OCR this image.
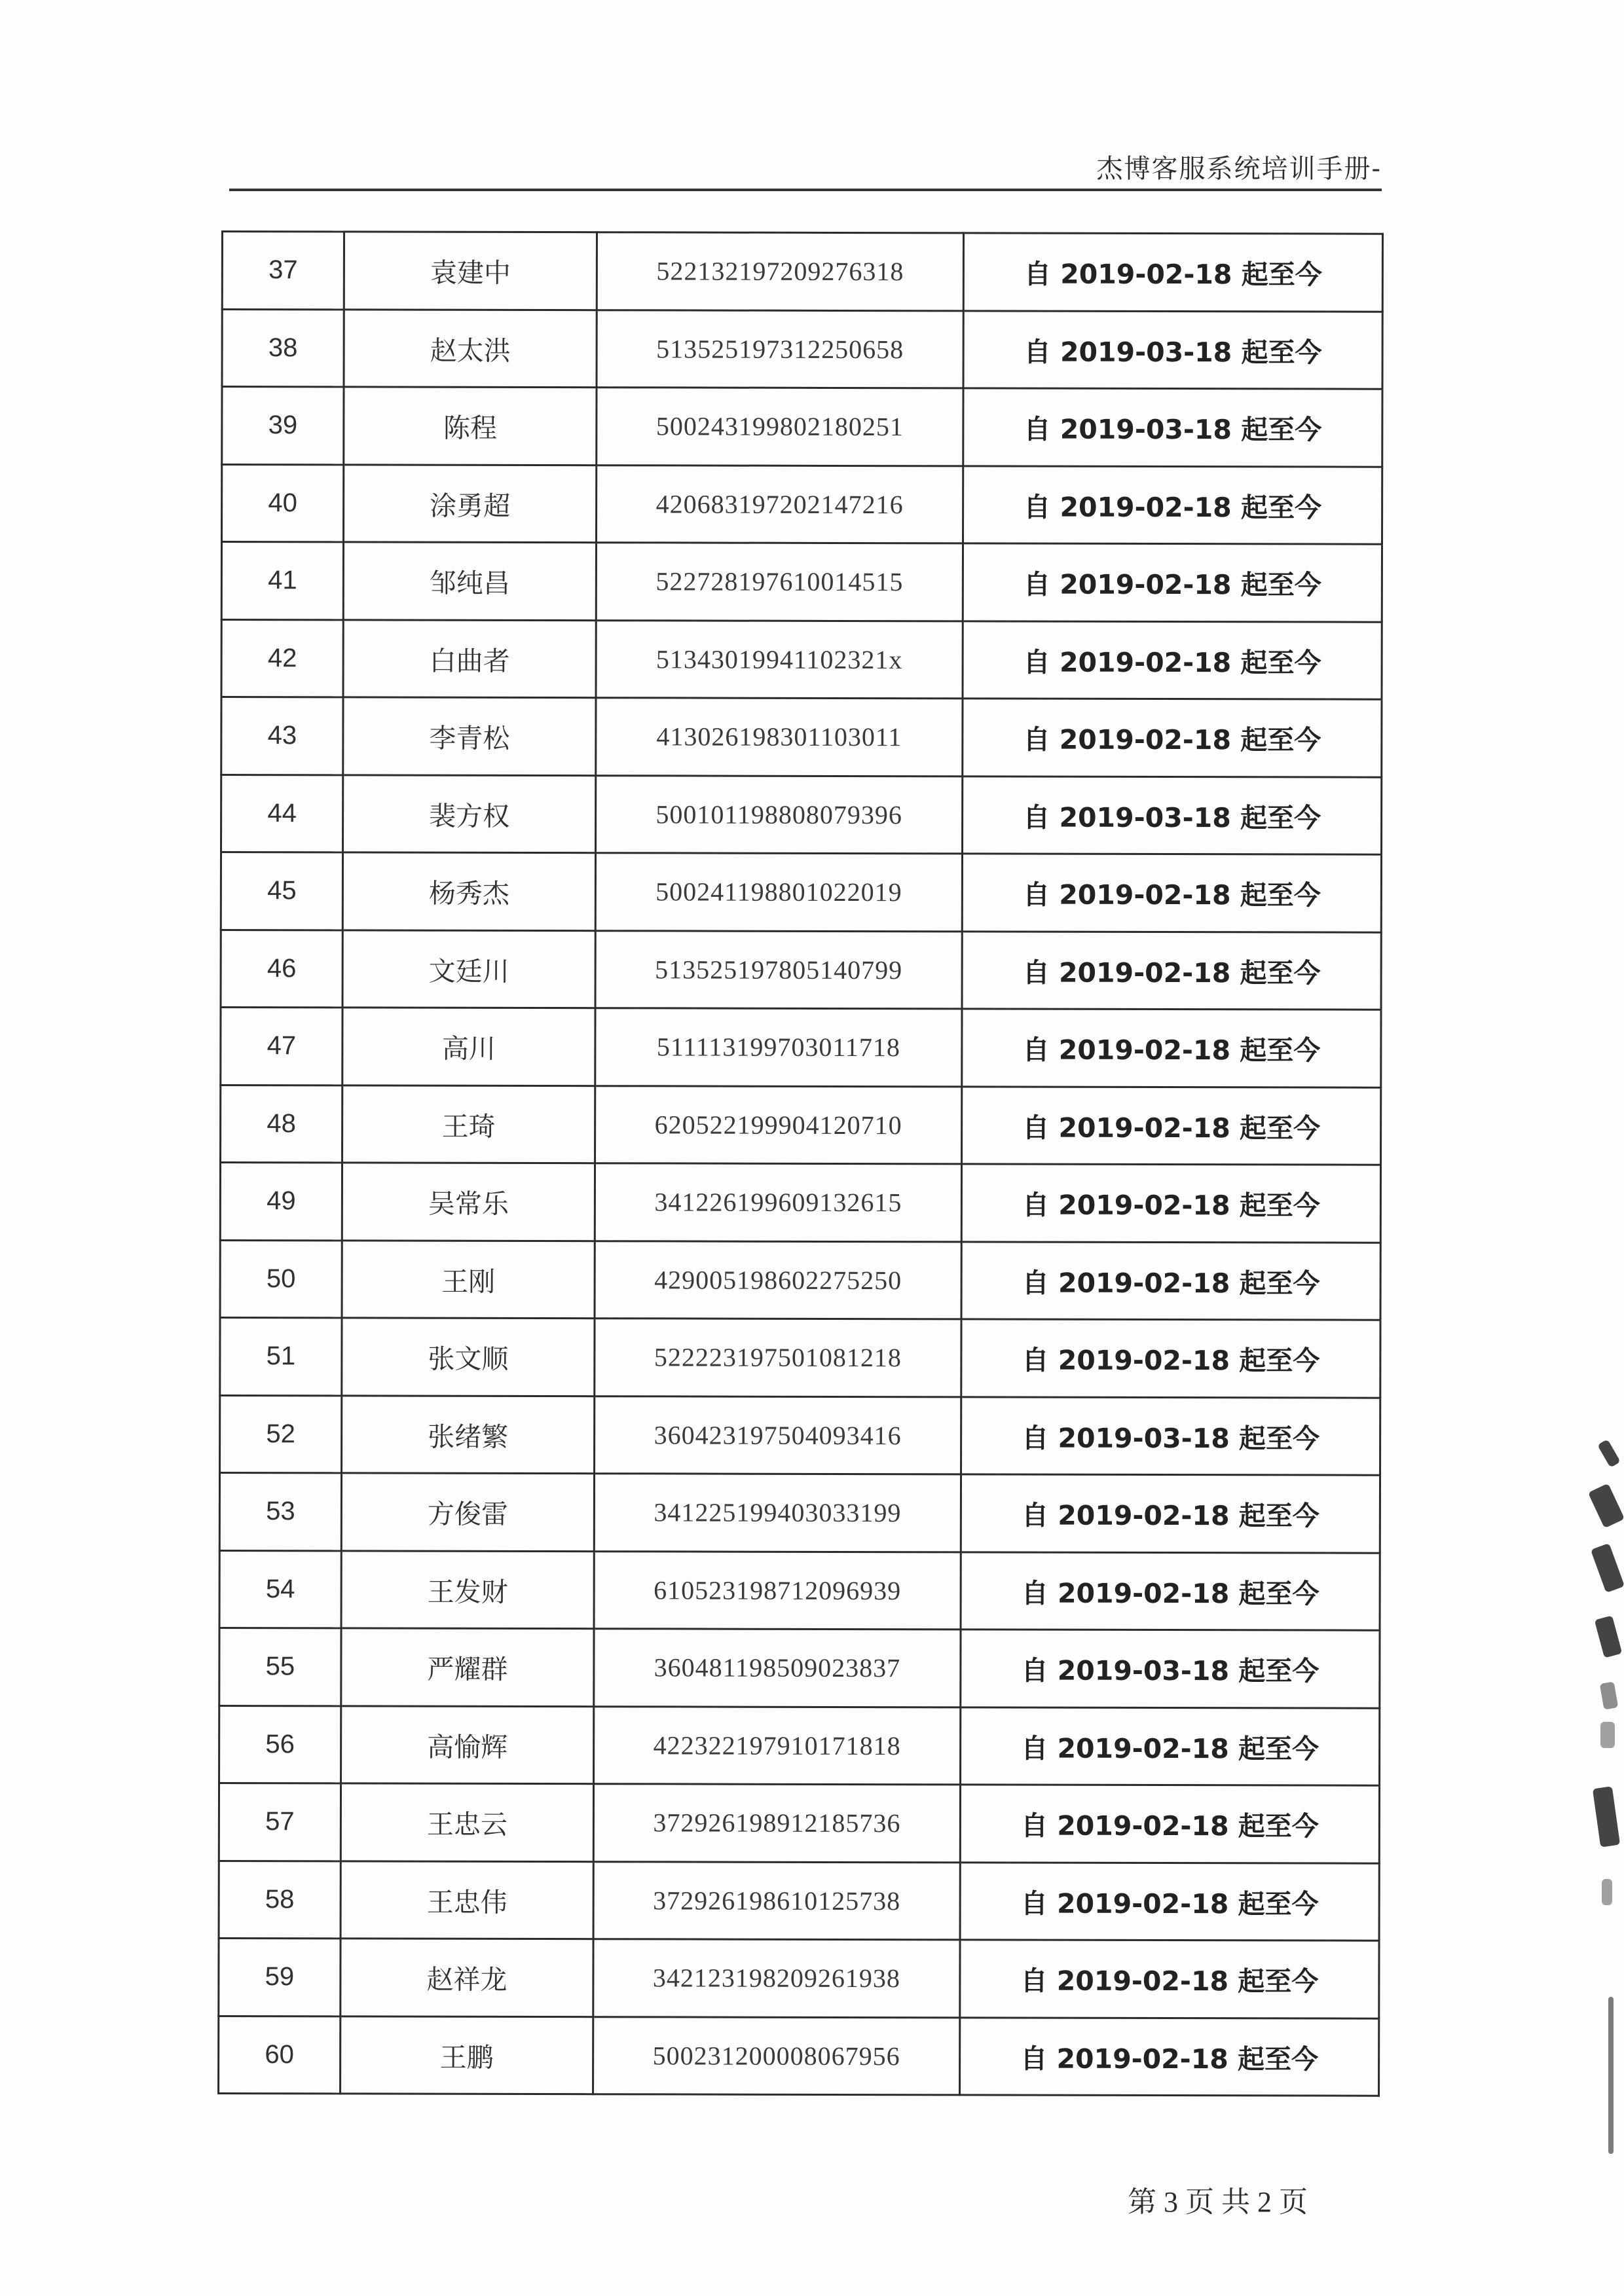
杰博客服系统培训手册-
37	袁建中	522132197209276318	自 2019-02-18 起至今
38	赵太洪	513525197312250658	自 2019-03-18 起至今
39	陈程	500243199802180251	自 2019-03-18 起至今
40	涂勇超	420683197202147216	自 2019-02-18 起至今
41	邹纯昌	522728197610014515	自 2019-02-18 起至今
42	白曲者	51343019941102321x	自 2019-02-18 起至今
43	李青松	413026198301103011	自 2019-02-18 起至今
44	裴方权	500101198808079396	自 2019-03-18 起至今
45	杨秀杰	500241198801022019	自 2019-02-18 起至今
46	文廷川	513525197805140799	自 2019-02-18 起至今
47	高川	511113199703011718	自 2019-02-18 起至今
48	王琦	620522199904120710	自 2019-02-18 起至今
49	吴常乐	341226199609132615	自 2019-02-18 起至今
50	王刚	429005198602275250	自 2019-02-18 起至今
51	张文顺	522223197501081218	自 2019-02-18 起至今
52	张绪繁	360423197504093416	自 2019-03-18 起至今
53	方俊雷	341225199403033199	自 2019-02-18 起至今
54	王发财	610523198712096939	自 2019-02-18 起至今
55	严耀群	360481198509023837	自 2019-03-18 起至今
56	高愉辉	422322197910171818	自 2019-02-18 起至今
57	王忠云	372926198912185736	自 2019-02-18 起至今
58	王忠伟	372926198610125738	自 2019-02-18 起至今
59	赵祥龙	342123198209261938	自 2019-02-18 起至今
60	王鹏	500231200008067956	自 2019-02-18 起至今
第 3 页 共 2 页
